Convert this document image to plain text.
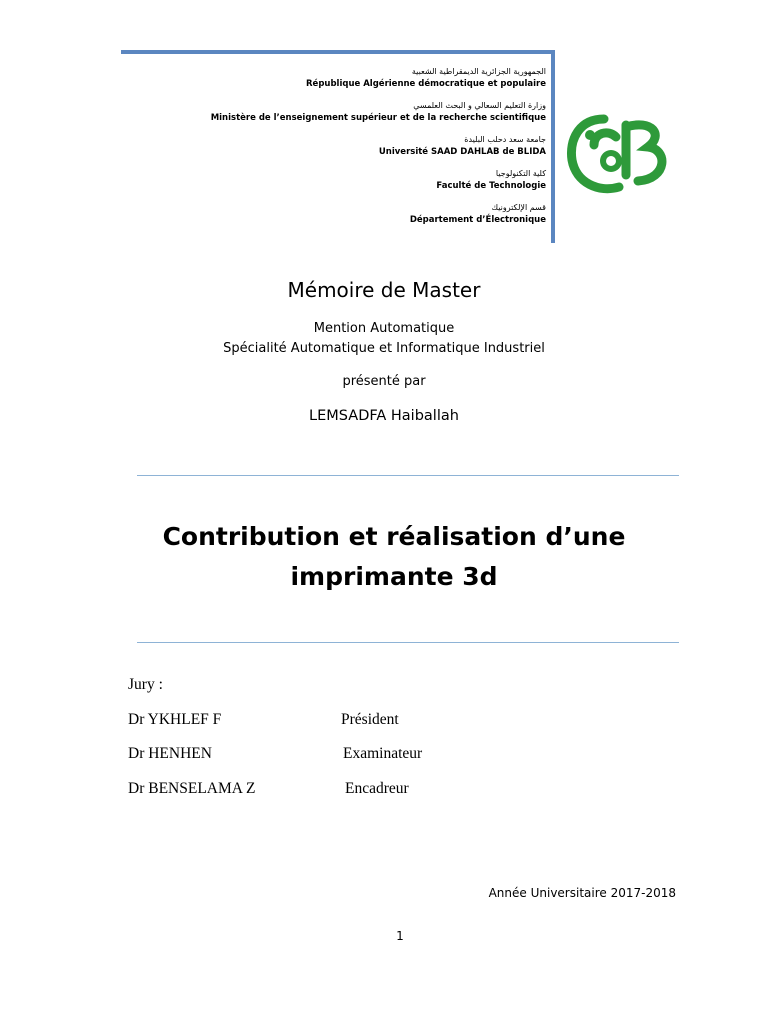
الجمهورية الجزائرية الديمقراطية الشعبية
République Algérienne démocratique et populaire
وزارة التعليم السعالي و البحث العلمسي
Ministère de l’enseignement supérieur et de la recherche scientifique
جامعة سعد دحلب البليدة
Université SAAD DAHLAB de BLIDA
كلية التكنولوجيا
Faculté de Technologie
قسم الإلكترونيك
Département d’Électronique
Mémoire de Master
Mention Automatique
Spécialité Automatique et Informatique Industriel
présenté par
LEMSADFA Haiballah
Contribution et réalisation d’une
imprimante 3d
Jury :
Dr YKHLEF F	Président
Dr HENHEN	Examinateur
Dr BENSELAMA Z	Encadreur
Année Universitaire 2017-2018
1
